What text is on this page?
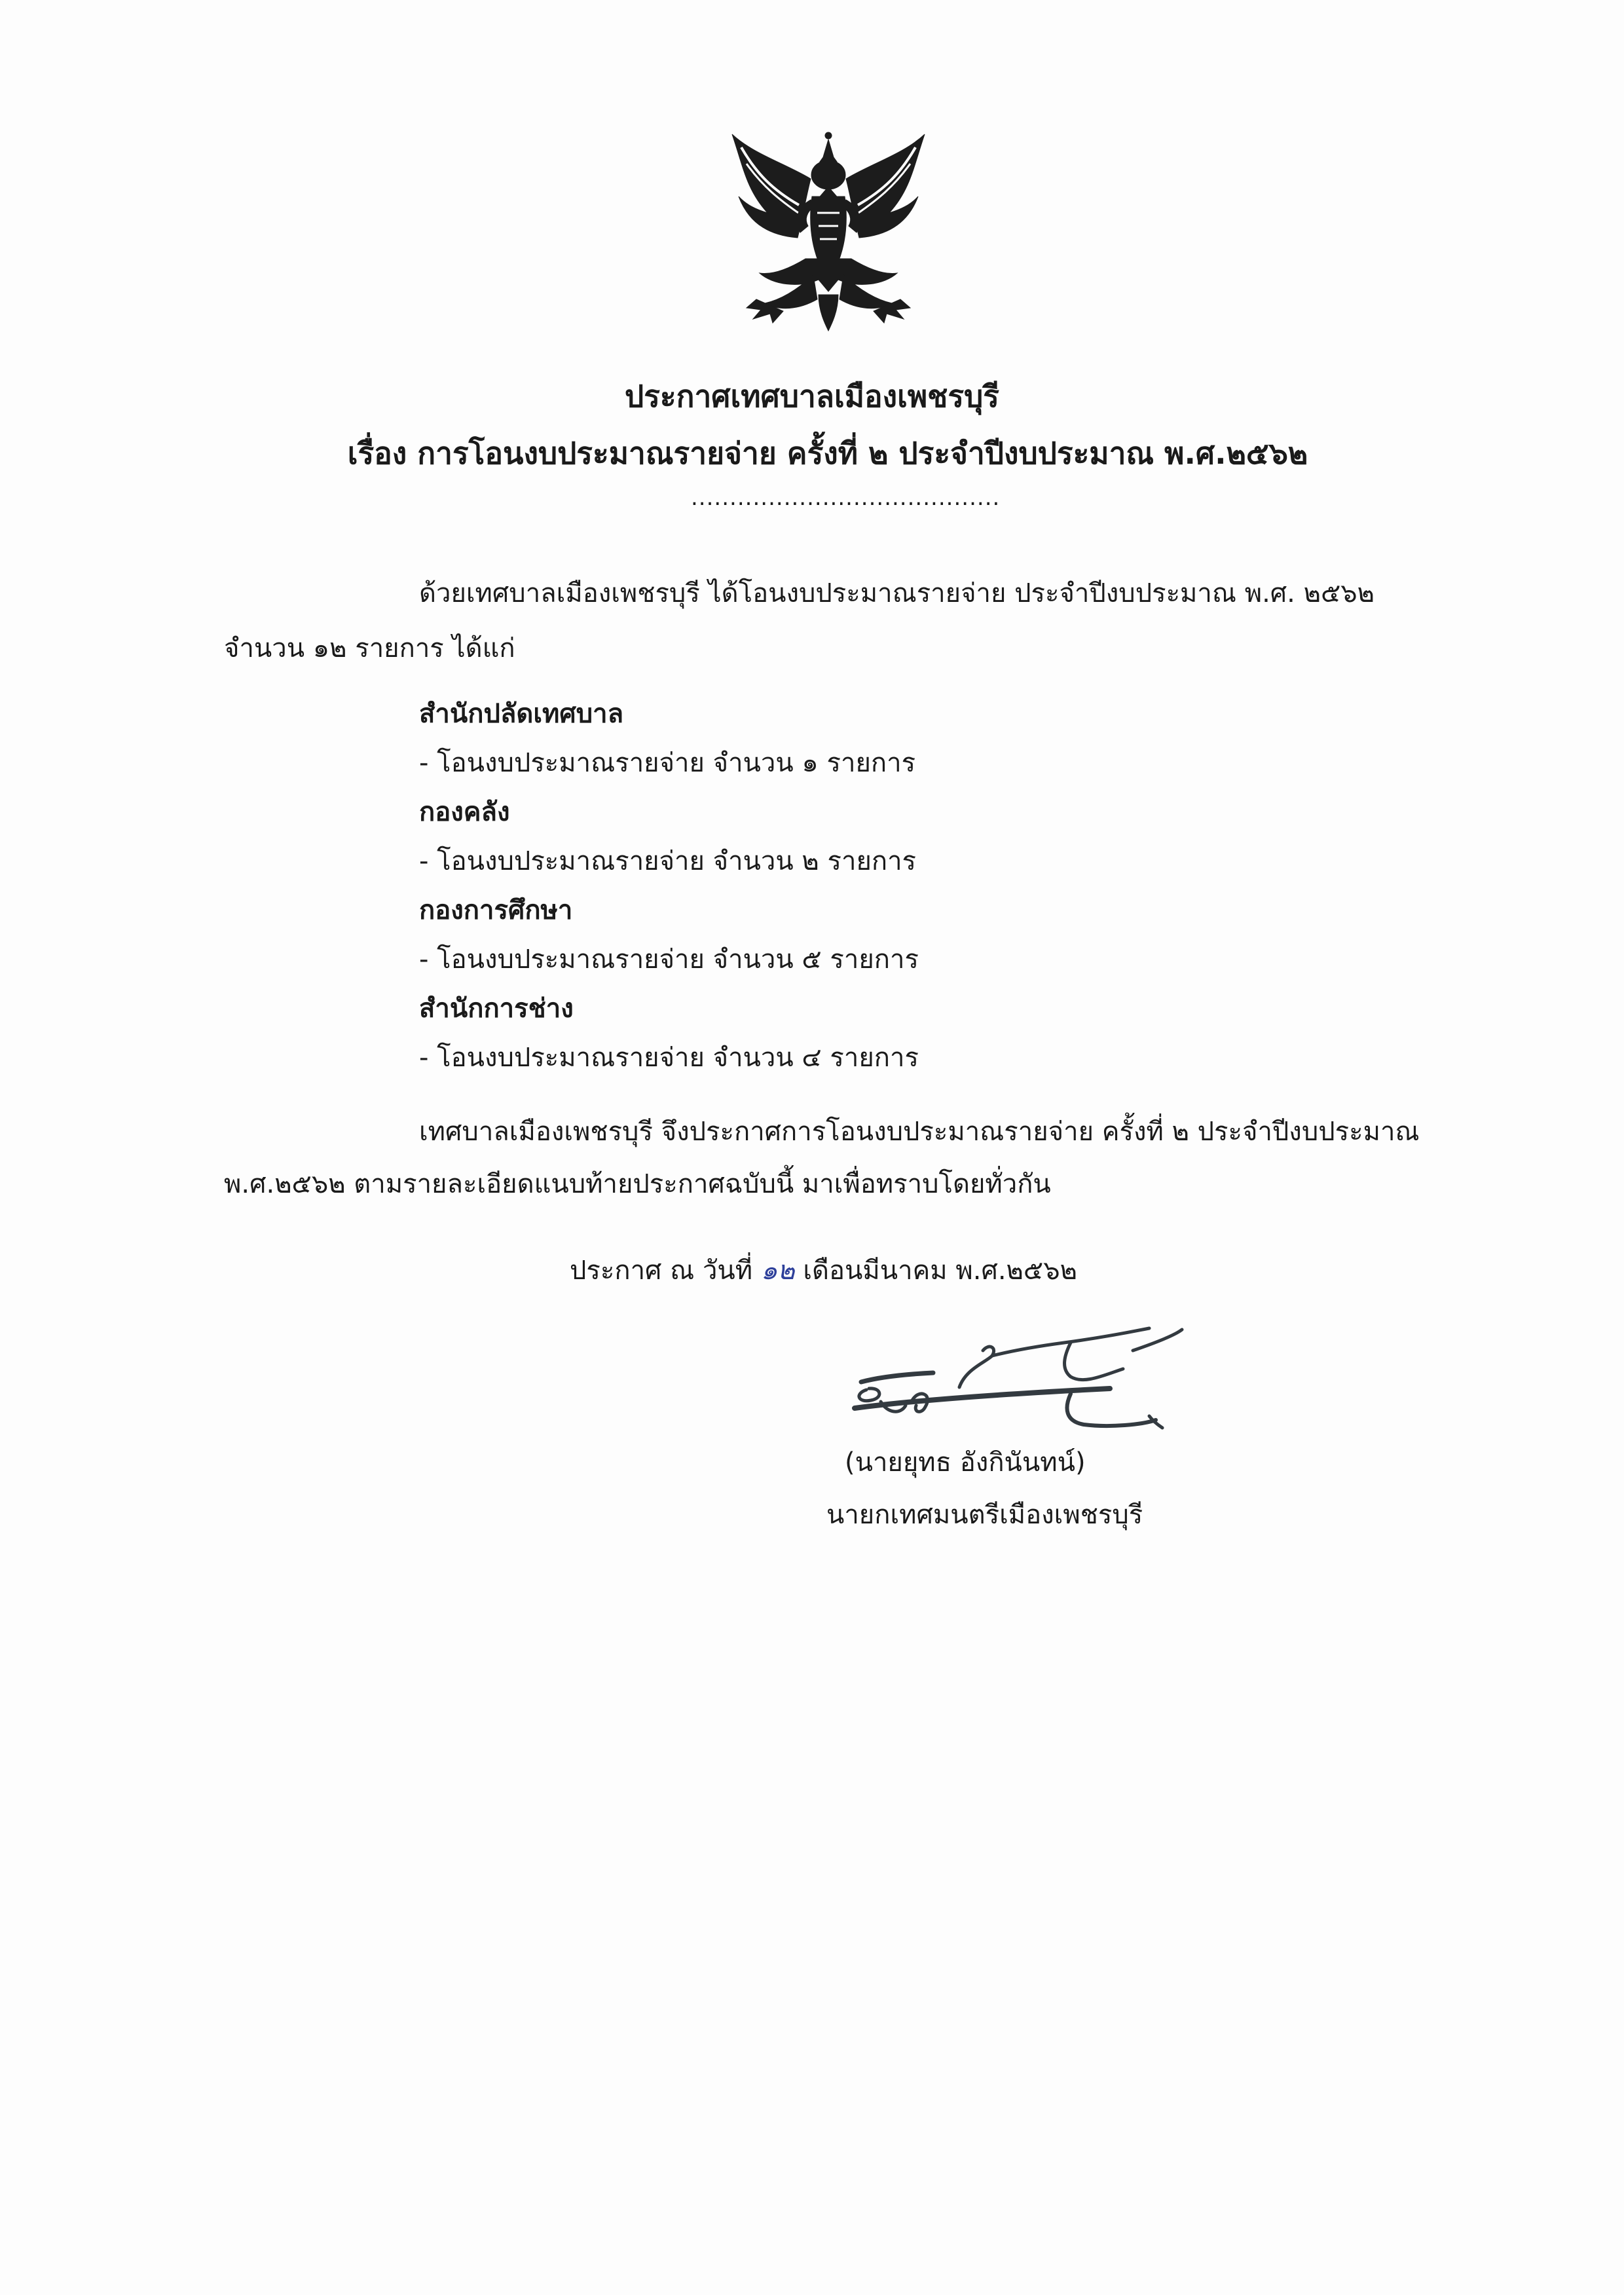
ประกาศเทศบาลเมืองเพชรบุรี
เรื่อง การโอนงบประมาณรายจ่าย ครั้งที่ ๒ ประจำปีงบประมาณ พ.ศ.๒๕๖๒
........................................
ด้วยเทศบาลเมืองเพชรบุรี ได้โอนงบประมาณรายจ่าย ประจำปีงบประมาณ พ.ศ. ๒๕๖๒
จำนวน ๑๒ รายการ ได้แก่
สำนักปลัดเทศบาล
- โอนงบประมาณรายจ่าย จำนวน ๑ รายการ
กองคลัง
- โอนงบประมาณรายจ่าย จำนวน ๒ รายการ
กองการศึกษา
- โอนงบประมาณรายจ่าย จำนวน ๕ รายการ
สำนักการช่าง
- โอนงบประมาณรายจ่าย จำนวน ๔ รายการ
เทศบาลเมืองเพชรบุรี จึงประกาศการโอนงบประมาณรายจ่าย ครั้งที่ ๒ ประจำปีงบประมาณ
พ.ศ.๒๕๖๒ ตามรายละเอียดแนบท้ายประกาศฉบับนี้ มาเพื่อทราบโดยทั่วกัน
ประกาศ ณ วันที่ ๑๒ เดือนมีนาคม พ.ศ.๒๕๖๒
(นายยุทธ อังกินันทน์)
นายกเทศมนตรีเมืองเพชรบุรี
